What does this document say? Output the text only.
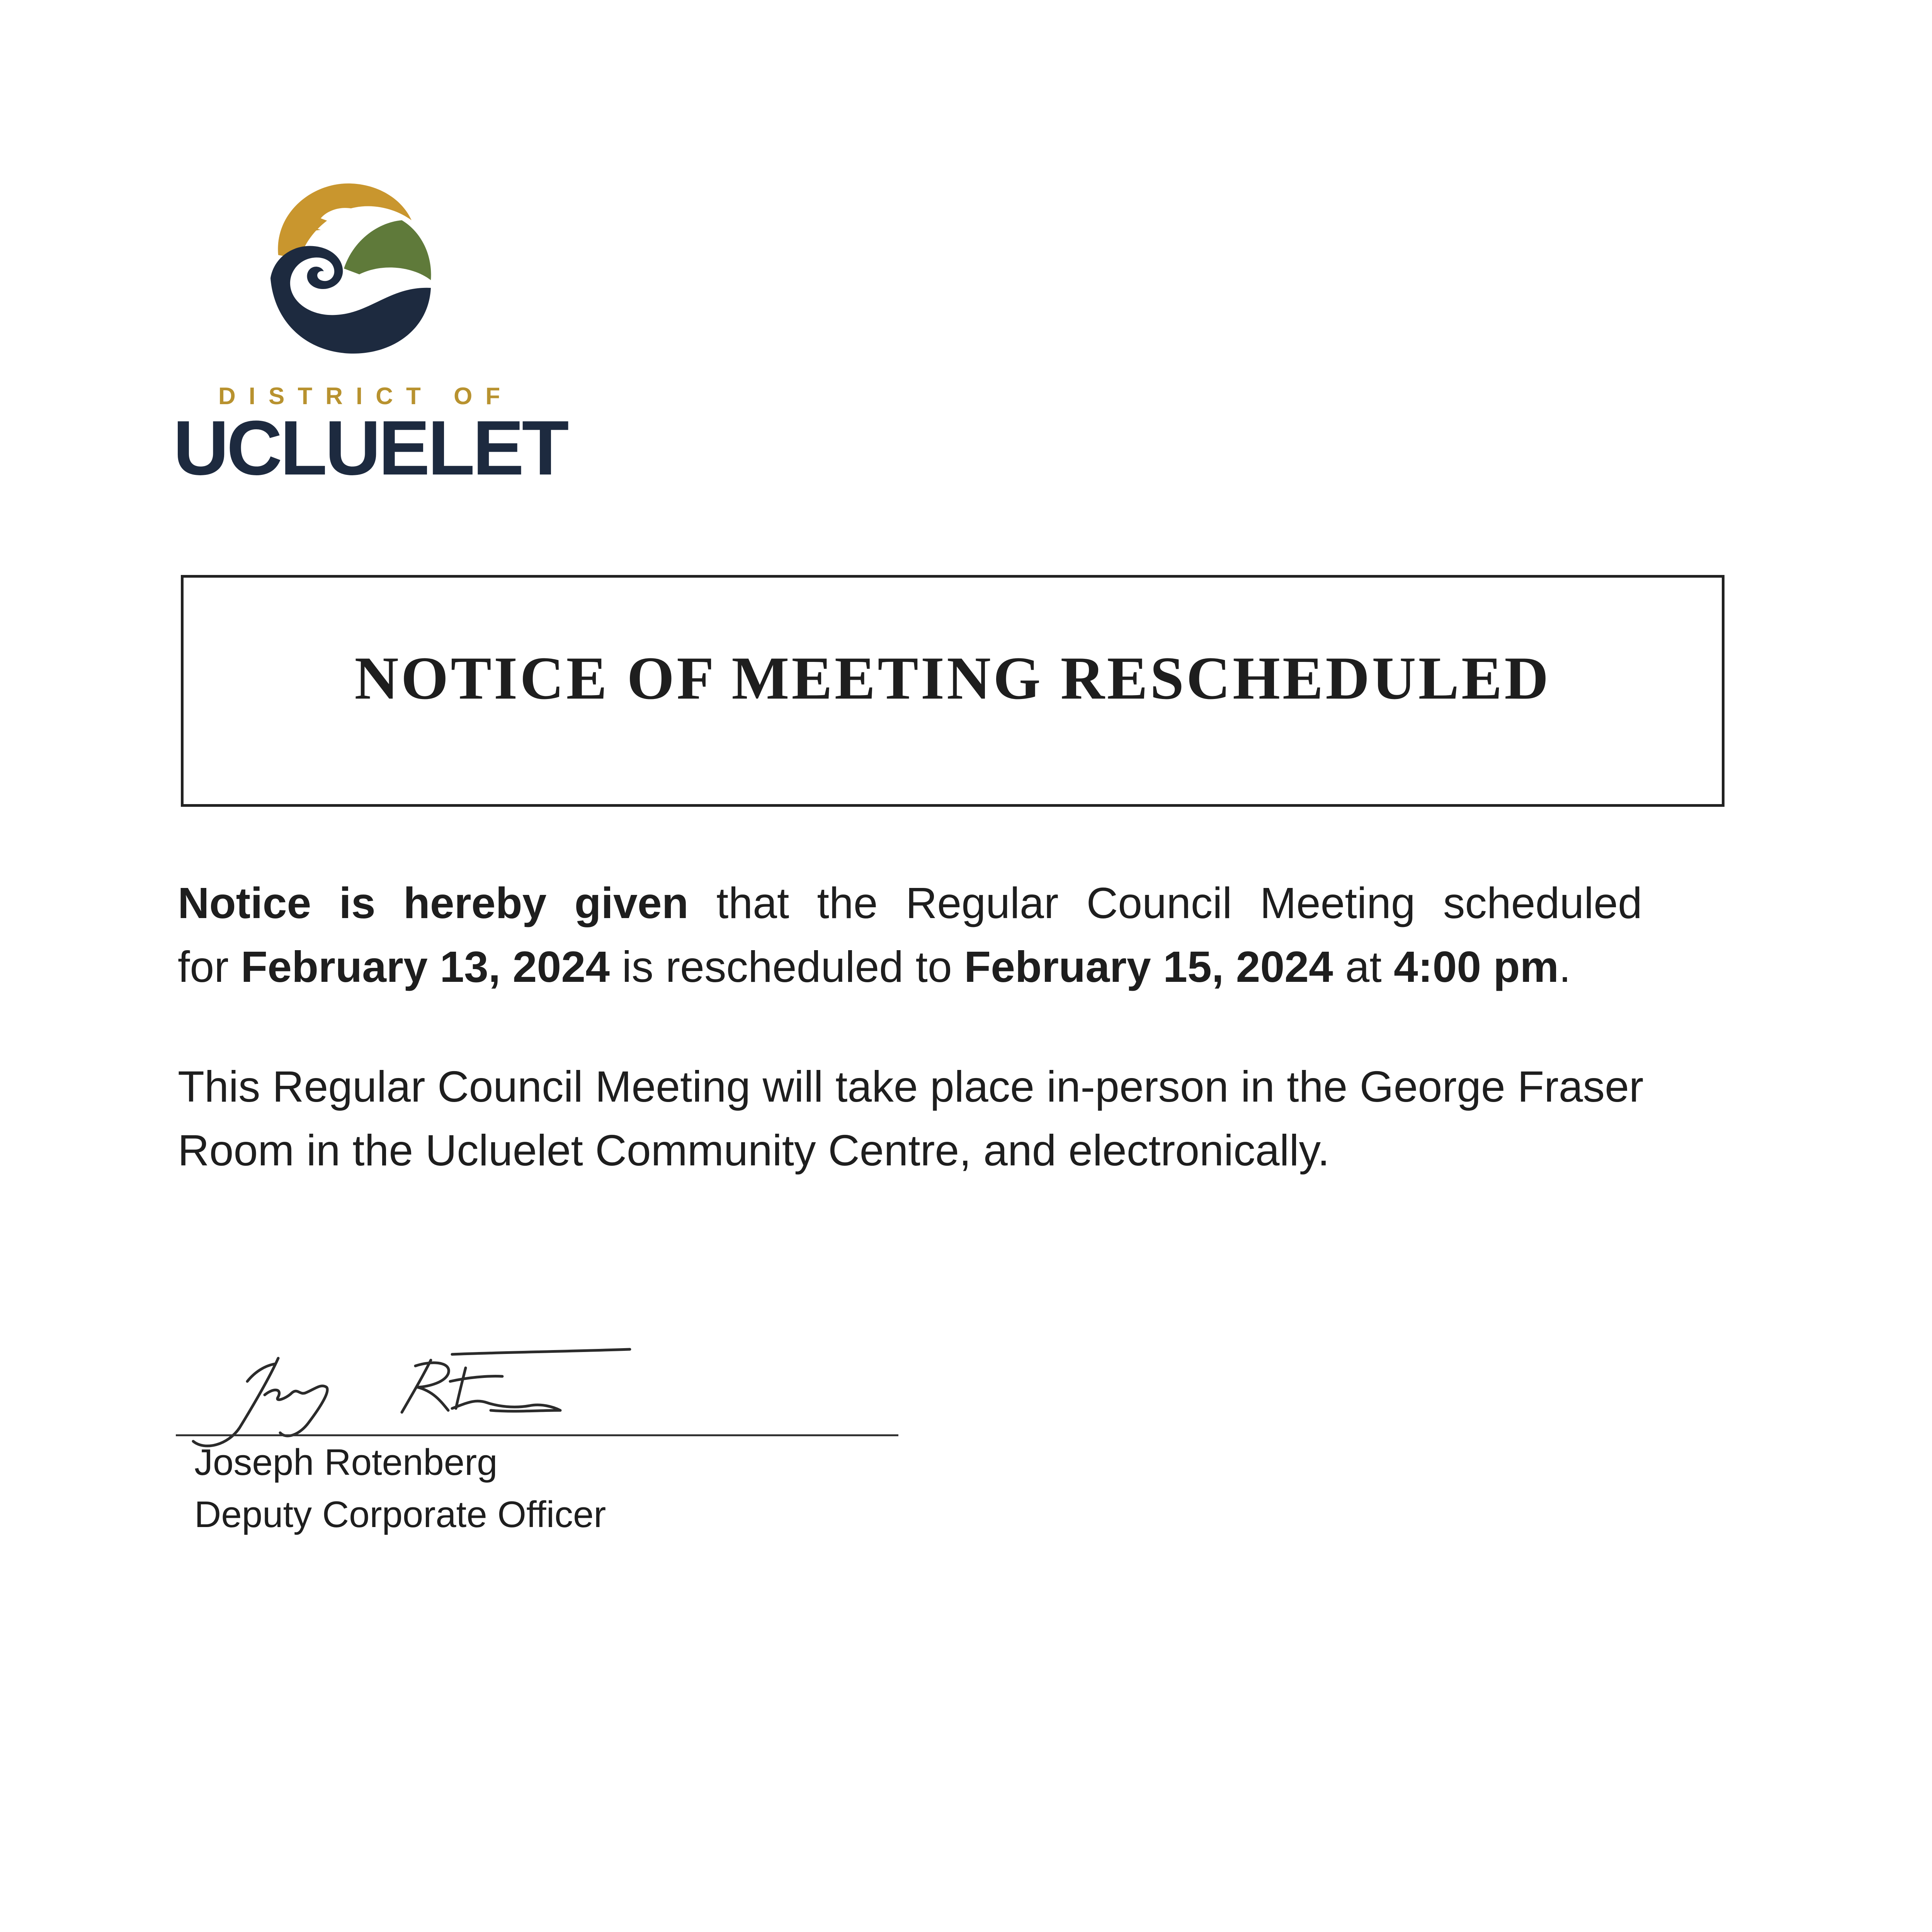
DISTRICT OF
UCLUELET
NOTICE OF MEETING RESCHEDULED
Notice is hereby given that the Regular Council Meeting scheduled
for February 13, 2024 is rescheduled to February 15, 2024 at 4:00 pm.
This Regular Council Meeting will take place in-person in the George Fraser
Room in the Ucluelet Community Centre, and electronically.
Joseph Rotenberg
Deputy Corporate Officer
